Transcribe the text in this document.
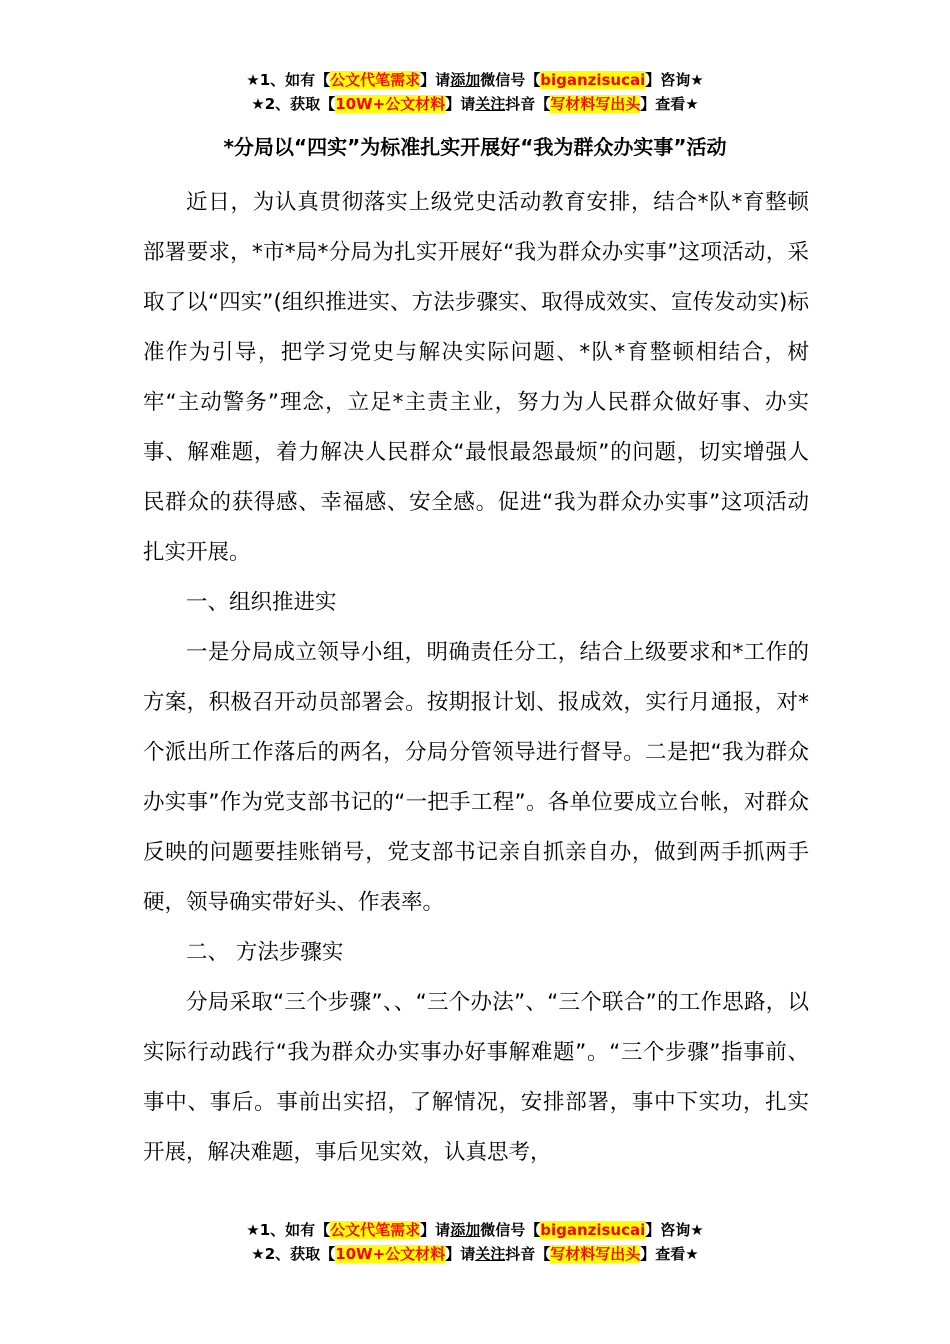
★1、如有【公文代笔需求】请添加微信号【biganzisucai】咨询★
★2、获取【10W+公文材料】请关注抖音【写材料写出头】查看★
*分局以“四实”为标准扎实开展好“我为群众办实事”活动

近日，为认真贯彻落实上级党史活动教育安排，结合*队*育整顿部署要求，*市*局*分局为扎实开展好“我为群众办实事”这项活动，采取了以“四实”(组织推进实、方法步骤实、取得成效实、宣传发动实)标准作为引导，把学习党史与解决实际问题、*队*育整顿相结合，树牢“主动警务”理念，立足*主责主业，努力为人民群众做好事、办实事、解难题，着力解决人民群众“最恨最怨最烦”的问题，切实增强人民群众的获得感、幸福感、安全感。促进“我为群众办实事”这项活动扎实开展。

一、组织推进实

一是分局成立领导小组，明确责任分工，结合上级要求和*工作的方案，积极召开动员部署会。按期报计划、报成效，实行月通报，对*个派出所工作落后的两名，分局分管领导进行督导。二是把“我为群众办实事”作为党支部书记的“一把手工程”。各单位要成立台帐，对群众反映的问题要挂账销号，党支部书记亲自抓亲自办，做到两手抓两手硬，领导确实带好头、作表率。

二、 方法步骤实

分局采取“三个步骤”、、“三个办法”、“三个联合”的工作思路，以实际行动践行“我为群众办实事办好事解难题”。“三个步骤”指事前、事中、事后。事前出实招，了解情况，安排部署，事中下实功，扎实开展，解决难题，事后见实效，认真思考，

★1、如有【公文代笔需求】请添加微信号【biganzisucai】咨询★
★2、获取【10W+公文材料】请关注抖音【写材料写出头】查看★
